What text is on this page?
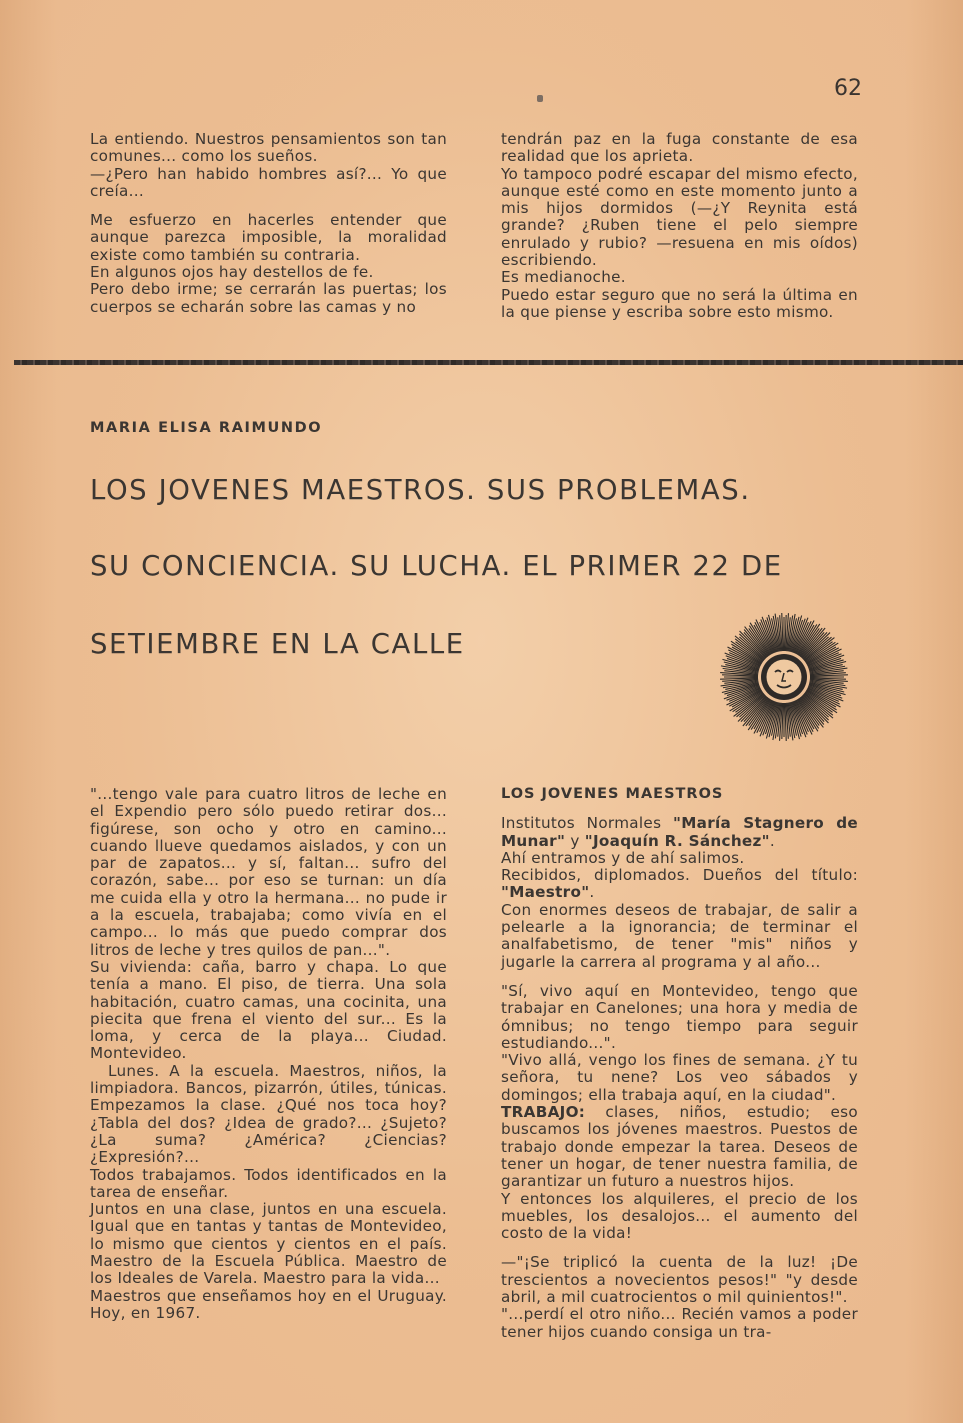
62

La entiendo. Nuestros pensamientos son tan comunes... como los sueños.

—¿Pero han habido hombres así?... Yo que creía...

Me esfuerzo en hacerles entender que aunque parezca imposible, la moralidad existe como también su contraria.

En algunos ojos hay destellos de fe.

Pero debo irme; se cerrarán las puertas; los cuerpos se echarán sobre las camas y no

tendrán paz en la fuga constante de esa realidad que los aprieta.

Yo tampoco podré escapar del mismo efecto, aunque esté como en este momento junto a mis hijos dormidos (—¿Y Reynita está grande? ¿Ruben tiene el pelo siempre enrulado y rubio? —resuena en mis oídos) escribiendo.

Es medianoche.

Puedo estar seguro que no será la última en la que piense y escriba sobre esto mismo.

MARIA ELISA RAIMUNDO
LOS JOVENES MAESTROS. SUS PROBLEMAS.
SU CONCIENCIA. SU LUCHA. EL PRIMER 22 DE
SETIEMBRE EN LA CALLE

"...tengo vale para cuatro litros de leche en el Expendio pero sólo puedo retirar dos... figúrese, son ocho y otro en camino... cuando llueve quedamos aislados, y con un par de zapatos... y sí, faltan... sufro del corazón, sabe... por eso se turnan: un día me cuida ella y otro la hermana... no pude ir a la escuela, trabajaba; como vivía en el campo... lo más que puedo comprar dos litros de leche y tres quilos de pan...".

Su vivienda: caña, barro y chapa. Lo que tenía a mano. El piso, de tierra. Una sola habitación, cuatro camas, una cocinita, una piecita que frena el viento del sur... Es la loma, y cerca de la playa... Ciudad. Montevideo.

Lunes. A la escuela. Maestros, niños, la limpiadora. Bancos, pizarrón, útiles, túnicas. Empezamos la clase. ¿Qué nos toca hoy? ¿Tabla del dos? ¿Idea de grado?... ¿Sujeto? ¿La suma? ¿América? ¿Ciencias? ¿Expresión?...

Todos trabajamos. Todos identificados en la tarea de enseñar.

Juntos en una clase, juntos en una escuela. Igual que en tantas y tantas de Montevideo, lo mismo que cientos y cientos en el país. Maestro de la Escuela Pública. Maestro de los Ideales de Varela. Maestro para la vida...

Maestros que enseñamos hoy en el Uruguay. Hoy, en 1967.

LOS JOVENES MAESTROS

Institutos Normales "María Stagnero de Munar" y "Joaquín R. Sánchez".

Ahí entramos y de ahí salimos.

Recibidos, diplomados. Dueños del título: "Maestro".

Con enormes deseos de trabajar, de salir a pelearle a la ignorancia; de terminar el analfabetismo, de tener "mis" niños y jugarle la carrera al programa y al año...

"Sí, vivo aquí en Montevideo, tengo que trabajar en Canelones; una hora y media de ómnibus; no tengo tiempo para seguir estudiando...".

"Vivo allá, vengo los fines de semana. ¿Y tu señora, tu nene? Los veo sábados y domingos; ella trabaja aquí, en la ciudad".

TRABAJO: clases, niños, estudio; eso buscamos los jóvenes maestros. Puestos de trabajo donde empezar la tarea. Deseos de tener un hogar, de tener nuestra familia, de garantizar un futuro a nuestros hijos.

Y entonces los alquileres, el precio de los muebles, los desalojos... el aumento del costo de la vida!

—"¡Se triplicó la cuenta de la luz! ¡De trescientos a novecientos pesos!" "y desde abril, a mil cuatrocientos o mil quinientos!".

"...perdí el otro niño... Recién vamos a poder tener hijos cuando consiga un tra-
